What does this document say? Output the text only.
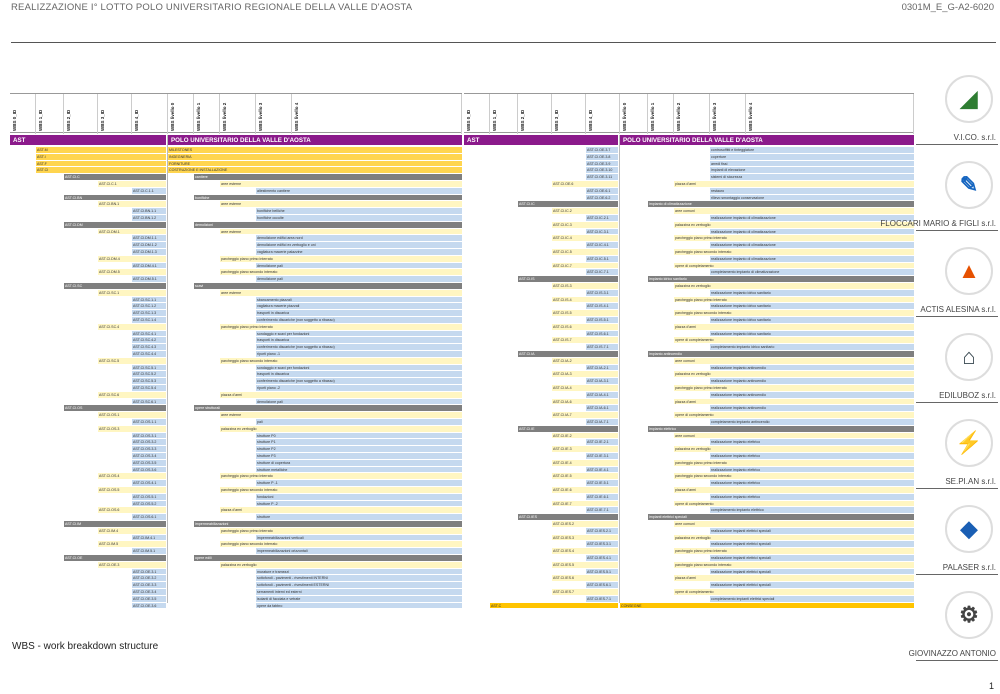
REALIZZAZIONE I° LOTTO POLO UNIVERSITARIO REGIONALE DELLA VALLE D'AOSTA	0301M_E_G-A2-6020
WBS 0_ID	WBS 1_ID	WBS 2_ID	WBS 3_ID	WBS 4_ID	WBS livello 0	WBS livello 1	WBS livello 2	WBS livello 3	WBS livello 4
AST	POLO UNIVERSITARIO DELLA VALLE D'AOSTA
AST.M	MILESTONES
AST.I	INGEGNERIA
AST.F	FORNITURE
AST.CI	COSTRUZIONE E INSTALLAZIONE
AST.CI.C	cantiere
AST.CI.C.1	aree esterne
AST.CI.C.1.1	allestimento cantiere
AST.CI.BN	bonifiche
AST.CI.BN.1	aree esterne
AST.CI.BN.1.1	bonifiche belliche
AST.CI.BN.1.2	bonifiche occulte
AST.CI.DM	demolizioni
AST.CI.DM.1	aree esterne
AST.CI.DM.1.1	demolizione edifici area nord
AST.CI.DM.1.2	demolizione edifici ex zerboglio e uni
AST.CI.DM.1.3	vagliatura macerie palazzine
AST.CI.DM.4	parcheggio piano primo interrato
AST.CI.DM.4.1	demolizione pali
AST.CI.DM.5	parcheggio piano secondo interrato
AST.CI.DM.5.1	demolizione pali
AST.CI.SC	scavi
AST.CI.SC.1	aree esterne
AST.CI.SC.1.1	sbancamento piazzali
AST.CI.SC.1.2	vagliatura macerie piazzali
AST.CI.SC.1.3	trasporti in discarica
AST.CI.SC.1.4	conferimento discariche (non soggetto a ribasso)
AST.CI.SC.4	parcheggio piano primo interrato
AST.CI.SC.4.1	sondaggio e scavi per fondazioni
AST.CI.SC.4.2	trasporti in discarica
AST.CI.SC.4.3	conferimento discariche (non soggetto a ribasso)
AST.CI.SC.4.4	riporti piano -1
AST.CI.SC.5	parcheggio piano secondo interrato
AST.CI.SC.5.1	sondaggio e scavi per fondazioni
AST.CI.SC.5.2	trasporti in discarica
AST.CI.SC.5.3	conferimento discariche (non soggetto a ribasso)
AST.CI.SC.5.4	riporti piano -2
AST.CI.SC.6	piazza d'armi
AST.CI.SC.6.1	demolizione pali
AST.CI.OS	opere strutturali
AST.CI.OS.1	aree esterne
AST.CI.OS.1.1	pali
AST.CI.OS.3	palazzina ex zerboglio
AST.CI.OS.3.1	strutture P0
AST.CI.OS.3.2	strutture P1
AST.CI.OS.3.3	strutture P2
AST.CI.OS.3.4	strutture P3
AST.CI.OS.3.5	strutture di copertura
AST.CI.OS.3.6	strutture metalliche
AST.CI.OS.4	parcheggio piano primo interrato
AST.CI.OS.4.1	strutture P -1
AST.CI.OS.5	parcheggio piano secondo interrato
AST.CI.OS.5.1	fondazioni
AST.CI.OS.5.2	strutture P -2
AST.CI.OS.6	piazza d'armi
AST.CI.OS.6.1	strutture
AST.CI.IM	impermeabilizzazioni
AST.CI.IM.4	parcheggio piano primo interrato
AST.CI.IM.4.1	impermeabilizzazioni verticali
AST.CI.IM.5	parcheggio piano secondo interrato
AST.CI.IM.5.1	impermeabilizzazioni orizzontali
AST.CI.OE	opere edili
AST.CI.OE.3	palazzina ex zerboglio
AST.CI.OE.3.1	murature e tramezzi
AST.CI.OE.3.2	sottofondi - pavimenti - rivestimenti INTERNI
AST.CI.OE.3.3	sottofondi - pavimenti - rivestimenti ESTERNI
AST.CI.OE.3.4	serramenti interni ed esterni
AST.CI.OE.3.5	isolanti di facciata e vetrate
AST.CI.OE.3.6	opere da fabbro
WBS 0_ID	WBS 1_ID	WBS 2_ID	WBS 3_ID	WBS 4_ID	WBS livello 0	WBS livello 1	WBS livello 2	WBS livello 3	WBS livello 4
AST	POLO UNIVERSITARIO DELLA VALLE D'AOSTA
AST.CI.OE.3.7	controsoffitti e tinteggiature
AST.CI.OE.3.8	coperture
AST.CI.OE.3.9	arredi fissi
AST.CI.OE.3.10	impianti di elevazione
AST.CI.OE.3.11	sistemi di sicurezza
AST.CI.OE.6	piazza d'armi
AST.CI.OE.6.1	restauro
AST.CI.OE.6.2	rilievo smontaggio conservazione
AST.CI.IC	impianto di climatizzazione
AST.CI.IC.2	aree comuni
AST.CI.IC.2.1	realizzazione impianto di climatizzazione
AST.CI.IC.3	palazzina ex zerboglio
AST.CI.IC.3.1	realizzazione impianto di climatizzazione
AST.CI.IC.4	parcheggio piano primo interrato
AST.CI.IC.4.1	realizzazione impianto di climatizzazione
AST.CI.IC.5	parcheggio piano secondo interrato
AST.CI.IC.5.1	realizzazione impianto di climatizzazione
AST.CI.IC.7	opere di completamento
AST.CI.IC.7.1	completamento impianto di climatizzazione
AST.CI.IS	impianto idrico sanitario
AST.CI.IS.3	palazzina ex zerboglio
AST.CI.IS.3.1	realizzazione impianto idrico sanitario
AST.CI.IS.4	parcheggio piano primo interrato
AST.CI.IS.4.1	realizzazione impianto idrico sanitario
AST.CI.IS.5	parcheggio piano secondo interrato
AST.CI.IS.5.1	realizzazione impianto idrico sanitario
AST.CI.IS.6	piazza d'armi
AST.CI.IS.6.1	realizzazione impianto idrico sanitario
AST.CI.IS.7	opere di completamento
AST.CI.IS.7.1	completamento impianto idrico sanitario
AST.CI.IA	impianto antincendio
AST.CI.IA.2	aree comuni
AST.CI.IA.2.1	realizzazione impianto antincendio
AST.CI.IA.3	palazzina ex zerboglio
AST.CI.IA.3.1	realizzazione impianto antincendio
AST.CI.IA.4	parcheggio piano primo interrato
AST.CI.IA.4.1	realizzazione impianto antincendio
AST.CI.IA.6	piazza d'armi
AST.CI.IA.6.1	realizzazione impianto antincendio
AST.CI.IA.7	opere di completamento
AST.CI.IA.7.1	completamento impianto antincendio
AST.CI.IE	impianto elettrico
AST.CI.IE.2	aree comuni
AST.CI.IE.2.1	realizzazione impianto elettrico
AST.CI.IE.3	palazzina ex zerboglio
AST.CI.IE.3.1	realizzazione impianto elettrico
AST.CI.IE.4	parcheggio piano primo interrato
AST.CI.IE.4.1	realizzazione impianto elettrico
AST.CI.IE.5	parcheggio piano secondo interrato
AST.CI.IE.5.1	realizzazione impianto elettrico
AST.CI.IE.6	piazza d'armi
AST.CI.IE.6.1	realizzazione impianto elettrico
AST.CI.IE.7	opere di completamento
AST.CI.IE.7.1	completamento impianto elettrico
AST.CI.IES	impianti elettrici speciali
AST.CI.IES.2	aree comuni
AST.CI.IES.2.1	realizzazione impianti elettrici speciali
AST.CI.IES.3	palazzina ex zerboglio
AST.CI.IES.3.1	realizzazione impianti elettrici speciali
AST.CI.IES.4	parcheggio piano primo interrato
AST.CI.IES.4.1	realizzazione impianti elettrici speciali
AST.CI.IES.5	parcheggio piano secondo interrato
AST.CI.IES.5.1	realizzazione impianti elettrici speciali
AST.CI.IES.6	piazza d'armi
AST.CI.IES.6.1	realizzazione impianti elettrici speciali
AST.CI.IES.7	opere di completamento
AST.CI.IES.7.1	completamento impianti elettrici speciali
AST.C	CONSEGNE
◢
V.I.CO. s.r.l.
✎
FLOCCARI MARIO & FIGLI s.r.l.
▲
ACTIS ALESINA s.r.l.
⌂
EDILUBOZ s.r.l.
⚡
SE.PI.AN s.r.l.
◆
PALASER s.r.l.
⚙
GIOVINAZZO ANTONIO
WBS - work breakdown structure
1
